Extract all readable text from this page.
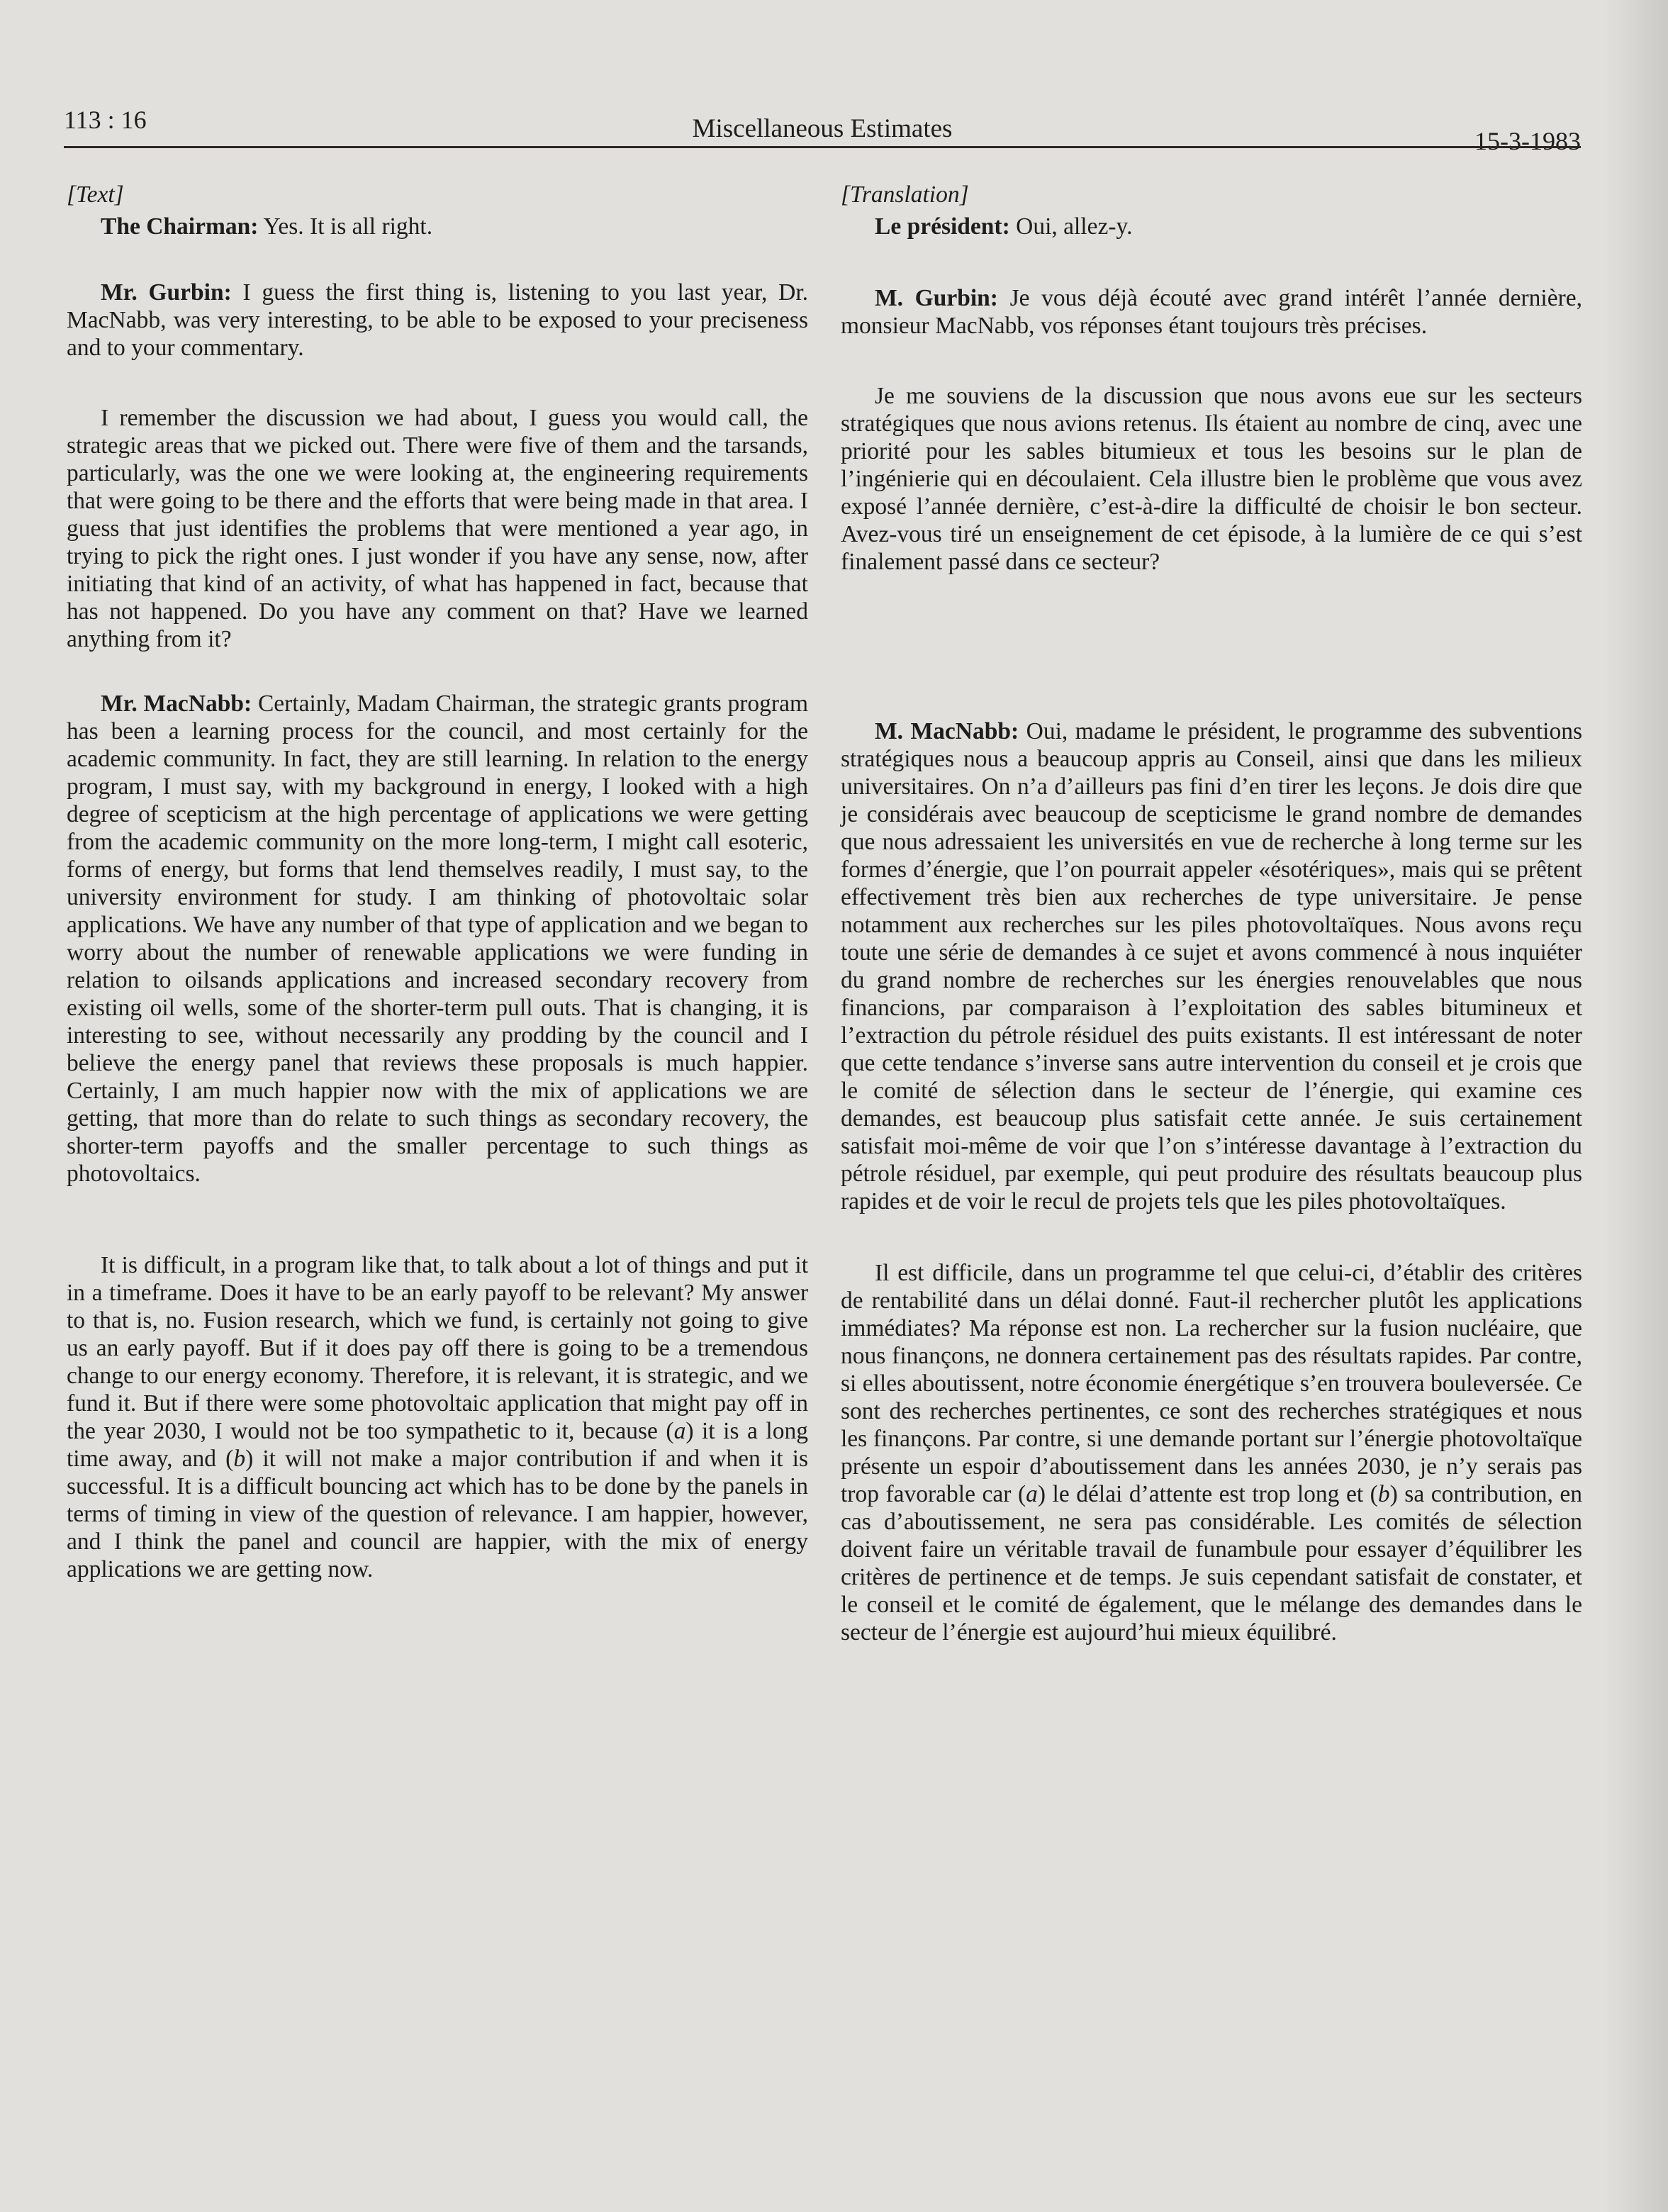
113 : 16	Miscellaneous Estimates	15-3-1983

[Text]

The Chairman: Yes. It is all right.

Mr. Gurbin: I guess the first thing is, listening to you last year, Dr. MacNabb, was very interesting, to be able to be exposed to your preciseness and to your commentary.

I remember the discussion we had about, I guess you would call, the strategic areas that we picked out. There were five of them and the tarsands, particularly, was the one we were looking at, the engineering requirements that were going to be there and the efforts that were being made in that area. I guess that just identifies the problems that were mentioned a year ago, in trying to pick the right ones. I just wonder if you have any sense, now, after initiating that kind of an activity, of what has happened in fact, because that has not happened. Do you have any comment on that? Have we learned anything from it?

Mr. MacNabb: Certainly, Madam Chairman, the strategic grants program has been a learning process for the council, and most certainly for the academic community. In fact, they are still learning. In relation to the energy program, I must say, with my background in energy, I looked with a high degree of scepticism at the high percentage of applications we were getting from the academic community on the more long-term, I might call esoteric, forms of energy, but forms that lend themselves readily, I must say, to the university environment for study. I am thinking of photovoltaic solar applications. We have any number of that type of application and we began to worry about the number of renewable applications we were funding in relation to oilsands applications and increased secondary recovery from existing oil wells, some of the shorter-term pull outs. That is changing, it is interesting to see, without necessarily any prodding by the council and I believe the energy panel that reviews these proposals is much happier. Certainly, I am much happier now with the mix of applications we are getting, that more than do relate to such things as secondary recovery, the shorter-term payoffs and the smaller percentage to such things as photovoltaics.

It is difficult, in a program like that, to talk about a lot of things and put it in a timeframe. Does it have to be an early payoff to be relevant? My answer to that is, no. Fusion research, which we fund, is certainly not going to give us an early payoff. But if it does pay off there is going to be a tremendous change to our energy economy. Therefore, it is relevant, it is strategic, and we fund it. But if there were some photovoltaic application that might pay off in the year 2030, I would not be too sympathetic to it, because (a) it is a long time away, and (b) it will not make a major contribution if and when it is successful. It is a difficult bouncing act which has to be done by the panels in terms of timing in view of the question of relevance. I am happier, however, and I think the panel and council are happier, with the mix of energy applications we are getting now.

[Translation]

Le président: Oui, allez-y.

M. Gurbin: Je vous déjà écouté avec grand intérêt l’année dernière, monsieur MacNabb, vos réponses étant toujours très précises.

Je me souviens de la discussion que nous avons eue sur les secteurs stratégiques que nous avions retenus. Ils étaient au nombre de cinq, avec une priorité pour les sables bitumieux et tous les besoins sur le plan de l’ingénierie qui en découlaient. Cela illustre bien le problème que vous avez exposé l’année dernière, c’est-à-dire la difficulté de choisir le bon secteur. Avez-vous tiré un enseignement de cet épisode, à la lumière de ce qui s’est finalement passé dans ce secteur?

M. MacNabb: Oui, madame le président, le programme des subventions stratégiques nous a beaucoup appris au Conseil, ainsi que dans les milieux universitaires. On n’a d’ailleurs pas fini d’en tirer les leçons. Je dois dire que je considérais avec beaucoup de scepticisme le grand nombre de demandes que nous adressaient les universités en vue de recherche à long terme sur les formes d’énergie, que l’on pourrait appeler «ésotériques», mais qui se prêtent effectivement très bien aux recherches de type universitaire. Je pense notamment aux recherches sur les piles photovoltaïques. Nous avons reçu toute une série de demandes à ce sujet et avons commencé à nous inquiéter du grand nombre de recherches sur les énergies renouvelables que nous financions, par comparaison à l’exploitation des sables bitumineux et l’extraction du pétrole résiduel des puits existants. Il est intéressant de noter que cette tendance s’inverse sans autre intervention du conseil et je crois que le comité de sélection dans le secteur de l’énergie, qui examine ces demandes, est beaucoup plus satisfait cette année. Je suis certainement satisfait moi-même de voir que l’on s’intéresse davantage à l’extraction du pétrole résiduel, par exemple, qui peut produire des résultats beaucoup plus rapides et de voir le recul de projets tels que les piles photovoltaïques.

Il est difficile, dans un programme tel que celui-ci, d’établir des critères de rentabilité dans un délai donné. Faut-il rechercher plutôt les applications immédiates? Ma réponse est non. La rechercher sur la fusion nucléaire, que nous finançons, ne donnera certainement pas des résultats rapides. Par contre, si elles aboutissent, notre économie énergétique s’en trouvera bouleversée. Ce sont des recherches pertinentes, ce sont des recherches stratégiques et nous les finançons. Par contre, si une demande portant sur l’énergie photovoltaïque présente un espoir d’aboutissement dans les années 2030, je n’y serais pas trop favorable car (a) le délai d’attente est trop long et (b) sa contribution, en cas d’aboutissement, ne sera pas considérable. Les comités de sélection doivent faire un véritable travail de funambule pour essayer d’équilibrer les critères de pertinence et de temps. Je suis cependant satisfait de constater, et le conseil et le comité de également, que le mélange des demandes dans le secteur de l’énergie est aujourd’hui mieux équilibré.
